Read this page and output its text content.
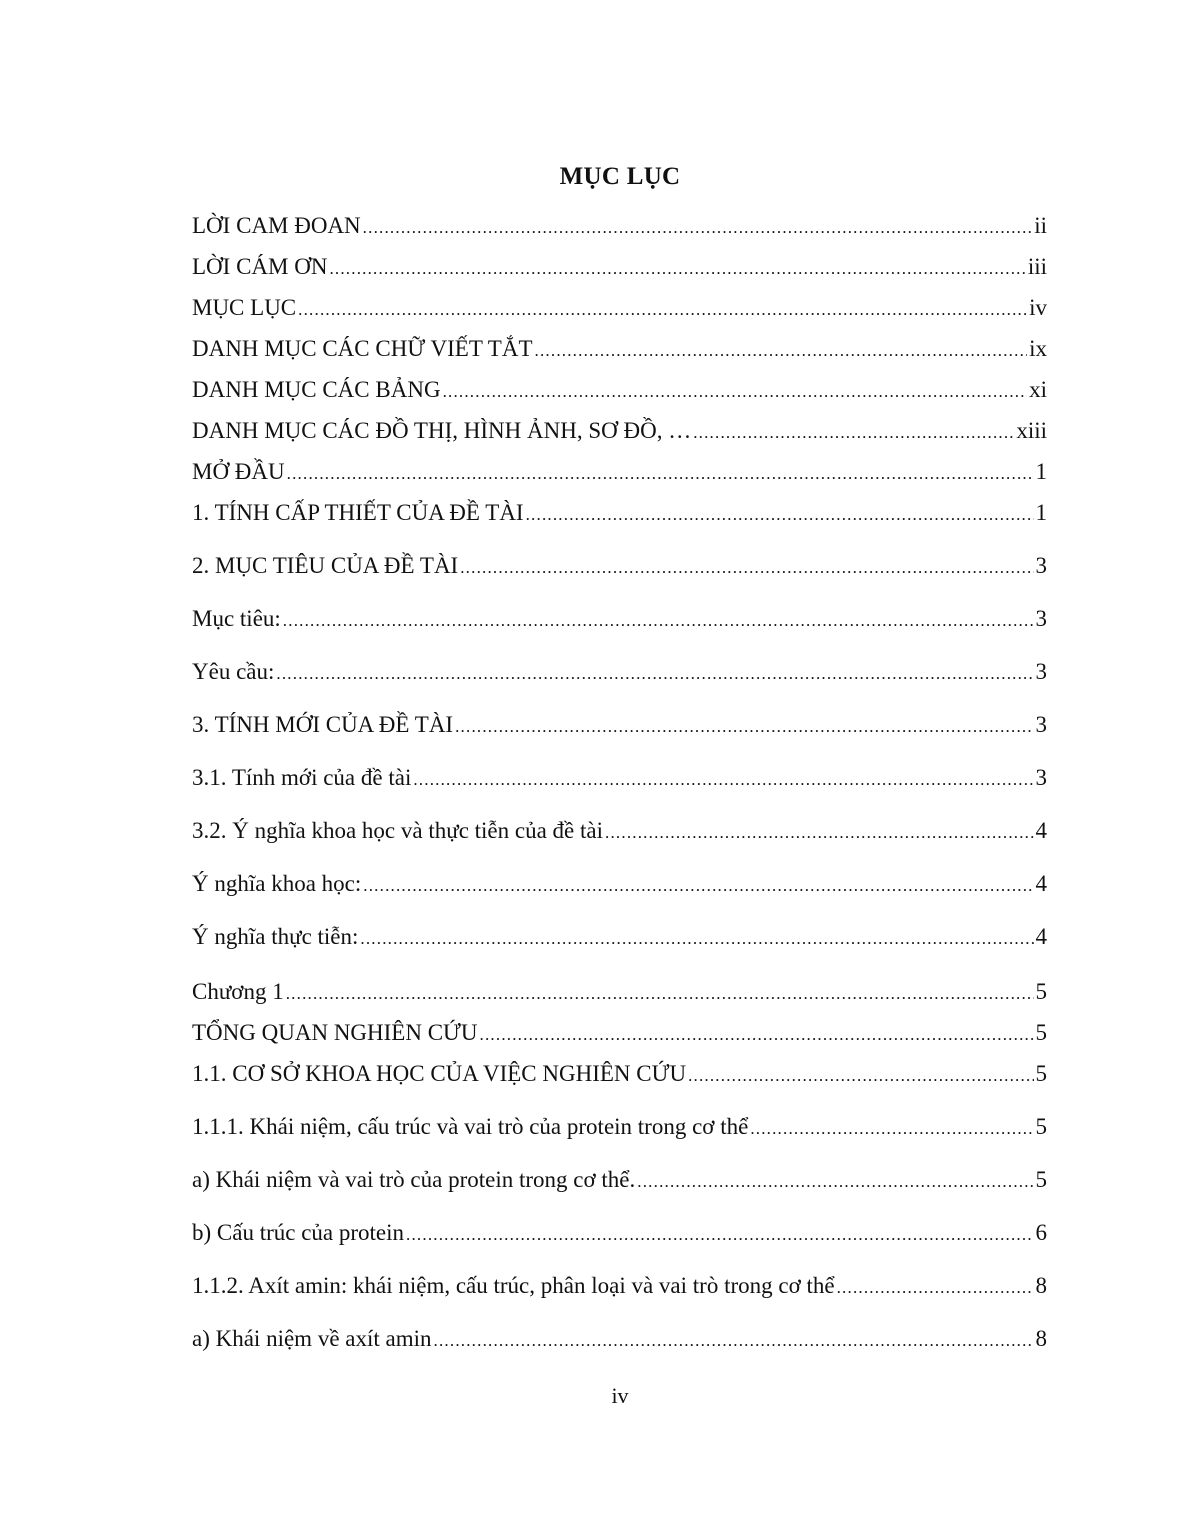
MỤC LỤC
LỜI CAM ĐOAN .....	ii
LỜI CÁM ƠN .....	iii
MỤC LỤC .....	iv
DANH MỤC CÁC CHỮ VIẾT TẮT .....	ix
DANH MỤC CÁC BẢNG .....	xi
DANH MỤC CÁC ĐỒ THỊ, HÌNH ẢNH, SƠ ĐỒ, … .....	xiii
MỞ ĐẦU .....	1
1. TÍNH CẤP THIẾT CỦA ĐỀ TÀI .....	1
2. MỤC TIÊU CỦA ĐỀ TÀI .....	3
Mục tiêu: .....	3
Yêu cầu: .....	3
3. TÍNH MỚI CỦA ĐỀ TÀI .....	3
3.1. Tính mới của đề tài .....	3
3.2. Ý nghĩa khoa học và thực tiễn của đề tài .....	4
Ý nghĩa khoa học: .....	4
Ý nghĩa thực tiễn: .....	4
Chương 1 .....	5
TỔNG QUAN NGHIÊN CỨU .....	5
1.1. CƠ SỞ KHOA HỌC CỦA VIỆC NGHIÊN CỨU .....	5
1.1.1. Khái niệm, cấu trúc và vai trò của protein trong cơ thể .....	5
a) Khái niệm và vai trò của protein trong cơ thể. .....	5
b) Cấu trúc của protein .....	6
1.1.2. Axít amin: khái niệm, cấu trúc, phân loại và vai trò trong cơ thể .....	8
a) Khái niệm về axít amin .....	8
iv
